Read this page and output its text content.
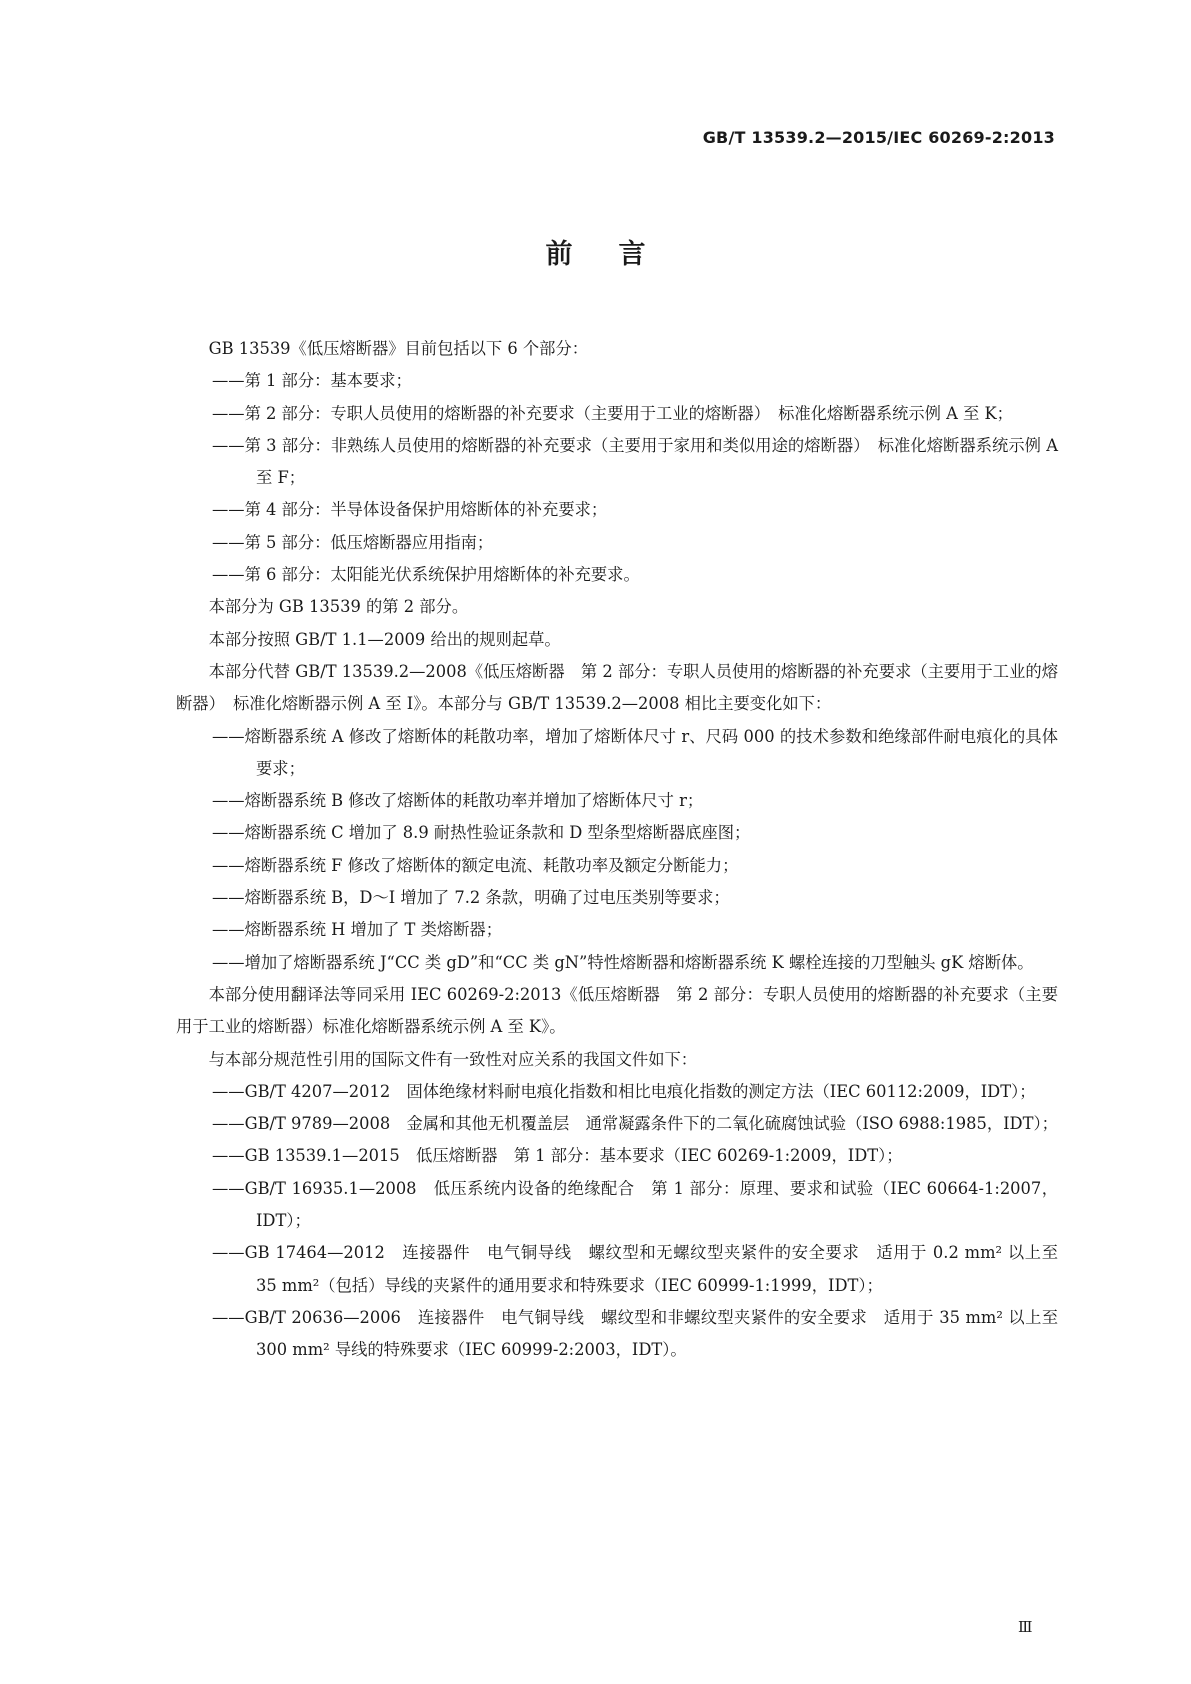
GB/T 13539.2—2015/IEC 60269-2:2013
前言

GB 13539《低压熔断器》目前包括以下 6 个部分：

——第 1 部分：基本要求；

——第 2 部分：专职人员使用的熔断器的补充要求（主要用于工业的熔断器）　标准化熔断器系统示例 A 至 K；

——第 3 部分：非熟练人员使用的熔断器的补充要求（主要用于家用和类似用途的熔断器）　标准化熔断器系统示例 A 至 F；

——第 4 部分：半导体设备保护用熔断体的补充要求；

——第 5 部分：低压熔断器应用指南；

——第 6 部分：太阳能光伏系统保护用熔断体的补充要求。

本部分为 GB 13539 的第 2 部分。

本部分按照 GB/T 1.1—2009 给出的规则起草。

本部分代替 GB/T 13539.2—2008《低压熔断器　第 2 部分：专职人员使用的熔断器的补充要求（主要用于工业的熔断器）　标准化熔断器示例 A 至 I》。本部分与 GB/T 13539.2—2008 相比主要变化如下：

——熔断器系统 A 修改了熔断体的耗散功率，增加了熔断体尺寸 r、尺码 000 的技术参数和绝缘部件耐电痕化的具体要求；

——熔断器系统 B 修改了熔断体的耗散功率并增加了熔断体尺寸 r；

——熔断器系统 C 增加了 8.9 耐热性验证条款和 D 型条型熔断器底座图；

——熔断器系统 F 修改了熔断体的额定电流、耗散功率及额定分断能力；

——熔断器系统 B，D～I 增加了 7.2 条款，明确了过电压类别等要求；

——熔断器系统 H 增加了 T 类熔断器；

——增加了熔断器系统 J“CC 类 gD”和“CC 类 gN”特性熔断器和熔断器系统 K 螺栓连接的刀型触头 gK 熔断体。

本部分使用翻译法等同采用 IEC 60269-2:2013《低压熔断器　第 2 部分：专职人员使用的熔断器的补充要求（主要用于工业的熔断器）标准化熔断器系统示例 A 至 K》。

与本部分规范性引用的国际文件有一致性对应关系的我国文件如下：

——GB/T 4207—2012　固体绝缘材料耐电痕化指数和相比电痕化指数的测定方法（IEC 60112:2009，IDT）；

——GB/T 9789—2008　金属和其他无机覆盖层　通常凝露条件下的二氧化硫腐蚀试验（ISO 6988:1985，IDT）；

——GB 13539.1—2015　低压熔断器　第 1 部分：基本要求（IEC 60269-1:2009，IDT）；

——GB/T 16935.1—2008　低压系统内设备的绝缘配合　第 1 部分：原理、要求和试验（IEC 60664-1:2007，IDT）；

——GB 17464—2012　连接器件　电气铜导线　螺纹型和无螺纹型夹紧件的安全要求　适用于 0.2 mm² 以上至 35 mm²（包括）导线的夹紧件的通用要求和特殊要求（IEC 60999-1:1999，IDT）；

——GB/T 20636—2006　连接器件　电气铜导线　螺纹型和非螺纹型夹紧件的安全要求　适用于 35 mm² 以上至 300 mm² 导线的特殊要求（IEC 60999-2:2003，IDT）。

Ⅲ
